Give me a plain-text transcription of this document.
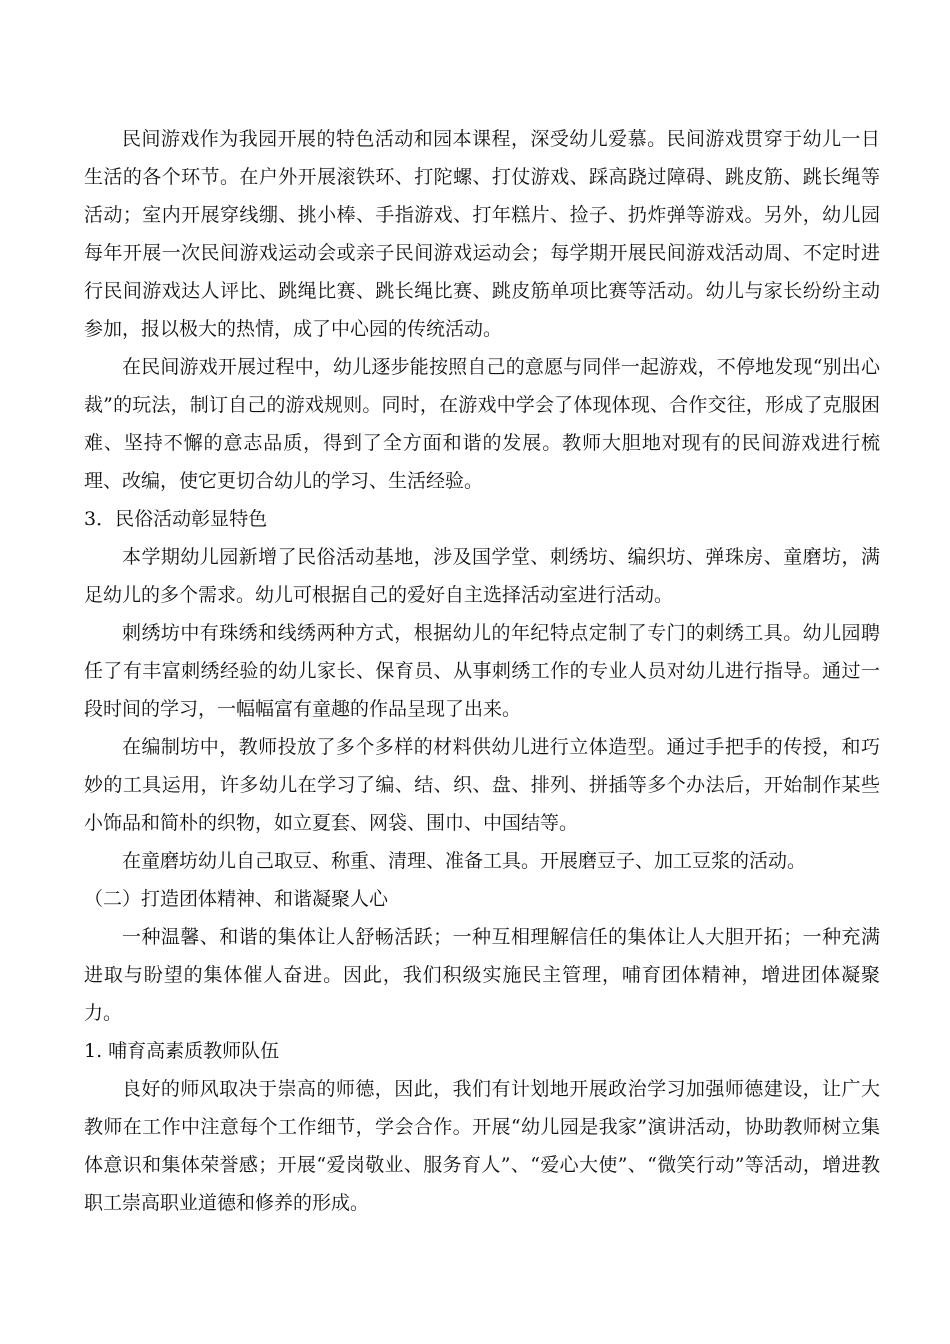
民间游戏作为我园开展的特色活动和园本课程，深受幼儿爱慕。民间游戏贯穿于幼儿一日生活的各个环节。在户外开展滚铁环、打陀螺、打仗游戏、踩高跷过障碍、跳皮筋、跳长绳等活动；室内开展穿线绷、挑小棒、手指游戏、打年糕片、捡子、扔炸弹等游戏。另外，幼儿园每年开展一次民间游戏运动会或亲子民间游戏运动会；每学期开展民间游戏活动周、不定时进行民间游戏达人评比、跳绳比赛、跳长绳比赛、跳皮筋单项比赛等活动。幼儿与家长纷纷主动参加，报以极大的热情，成了中心园的传统活动。

在民间游戏开展过程中，幼儿逐步能按照自己的意愿与同伴一起游戏，不停地发现“别出心裁”的玩法，制订自己的游戏规则。同时，在游戏中学会了体现体现、合作交往，形成了克服困难、坚持不懈的意志品质，得到了全方面和谐的发展。教师大胆地对现有的民间游戏进行梳理、改编，使它更切合幼儿的学习、生活经验。

3．民俗活动彰显特色

本学期幼儿园新增了民俗活动基地，涉及国学堂、刺绣坊、编织坊、弹珠房、童磨坊，满足幼儿的多个需求。幼儿可根据自己的爱好自主选择活动室进行活动。

刺绣坊中有珠绣和线绣两种方式，根据幼儿的年纪特点定制了专门的刺绣工具。幼儿园聘任了有丰富刺绣经验的幼儿家长、保育员、从事刺绣工作的专业人员对幼儿进行指导。通过一段时间的学习，一幅幅富有童趣的作品呈现了出来。

在编制坊中，教师投放了多个多样的材料供幼儿进行立体造型。通过手把手的传授，和巧妙的工具运用，许多幼儿在学习了编、结、织、盘、排列、拼插等多个办法后，开始制作某些小饰品和简朴的织物，如立夏套、网袋、围巾、中国结等。

在童磨坊幼儿自己取豆、称重、清理、准备工具。开展磨豆子、加工豆浆的活动。

（二）打造团体精神、和谐凝聚人心

一种温馨、和谐的集体让人舒畅活跃；一种互相理解信任的集体让人大胆开拓；一种充满进取与盼望的集体催人奋进。因此，我们积级实施民主管理，哺育团体精神，增进团体凝聚力。

1. 哺育高素质教师队伍

良好的师风取决于崇高的师德，因此，我们有计划地开展政治学习加强师德建设，让广大教师在工作中注意每个工作细节，学会合作。开展“幼儿园是我家”演讲活动，协助教师树立集体意识和集体荣誉感；开展“爱岗敬业、服务育人”、“爱心大使”、“微笑行动”等活动，增进教职工崇高职业道德和修养的形成。
